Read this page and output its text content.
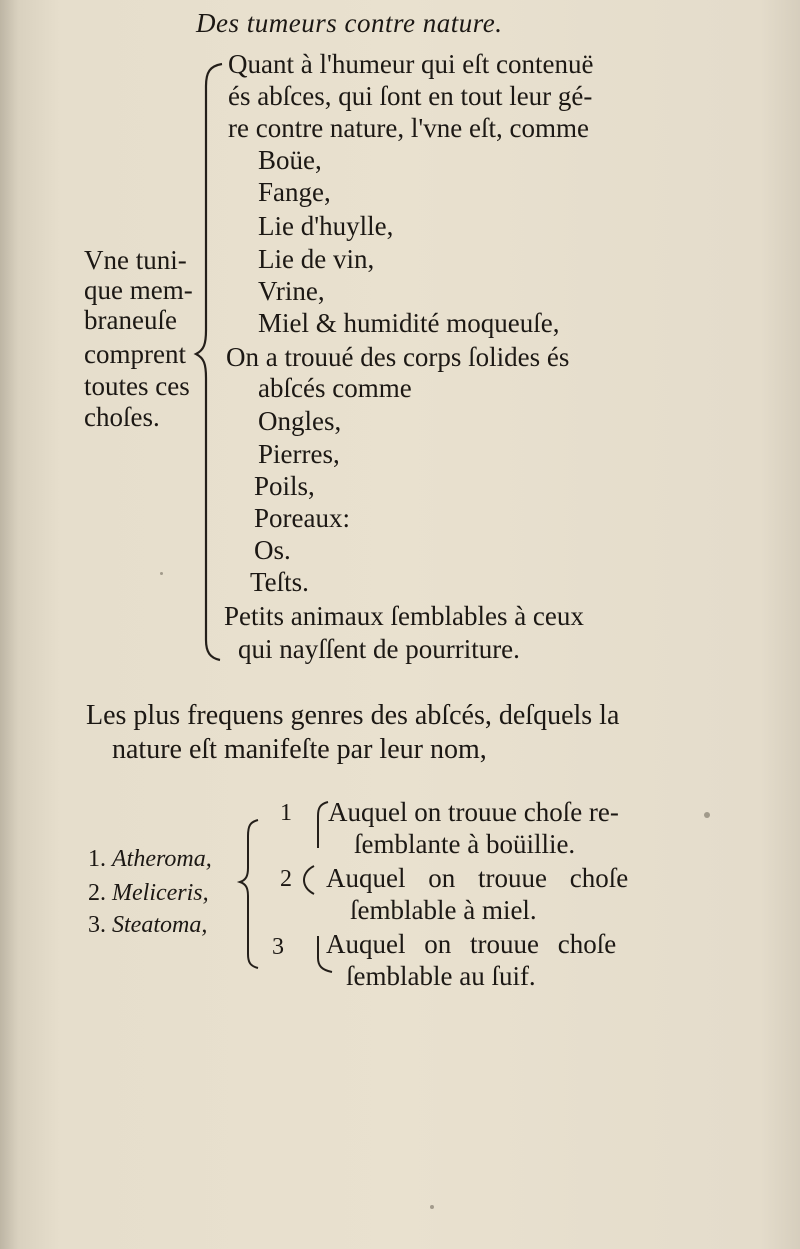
Des tumeurs contre nature.
Quant à l'humeur qui eſt contenuë
és abſces, qui ſont en tout leur gé-
re contre nature, l'vne eſt, comme
Boüe,
Fange,
Lie d'huylle,
Lie de vin,
Vrine,
Miel & humidité moqueuſe,
Vne tuni-
que mem-
braneuſe
comprent
toutes ces
choſes.
On a trouué des corps ſolides és
abſcés comme
Ongles,
Pierres,
Poils,
Poreaux:
Os.
Teſts.
Petits animaux ſemblables à ceux
qui nayſſent de pourriture.
Les plus frequens genres des abſcés, deſquels la
nature eſt manifeſte par leur nom,
1. Atheroma,
2. Meliceris,
3. Steatoma,
1
2
3
Auquel on trouue choſe re-
ſemblante à boüillie.
Auquel on trouue choſe
ſemblable à miel.
Auquel on trouue choſe
ſemblable au ſuif.
